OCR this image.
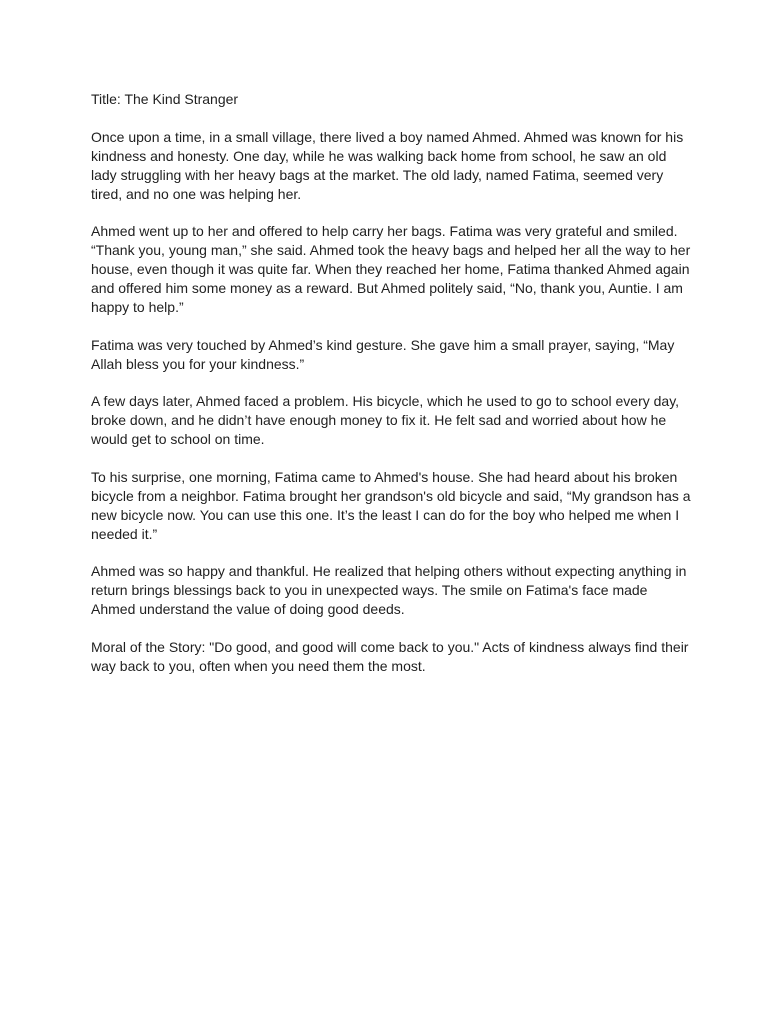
Title: The Kind Stranger

Once upon a time, in a small village, there lived a boy named Ahmed. Ahmed was known for his kindness and honesty. One day, while he was walking back home from school, he saw an old lady struggling with her heavy bags at the market. The old lady, named Fatima, seemed very tired, and no one was helping her.

Ahmed went up to her and offered to help carry her bags. Fatima was very grateful and smiled. “Thank you, young man,” she said. Ahmed took the heavy bags and helped her all the way to her house, even though it was quite far. When they reached her home, Fatima thanked Ahmed again and offered him some money as a reward. But Ahmed politely said, “No, thank you, Auntie. I am happy to help.”

Fatima was very touched by Ahmed’s kind gesture. She gave him a small prayer, saying, “May Allah bless you for your kindness.”

A few days later, Ahmed faced a problem. His bicycle, which he used to go to school every day, broke down, and he didn’t have enough money to fix it. He felt sad and worried about how he would get to school on time.

To his surprise, one morning, Fatima came to Ahmed's house. She had heard about his broken bicycle from a neighbor. Fatima brought her grandson's old bicycle and said, “My grandson has a new bicycle now. You can use this one. It’s the least I can do for the boy who helped me when I needed it.”

Ahmed was so happy and thankful. He realized that helping others without expecting anything in return brings blessings back to you in unexpected ways. The smile on Fatima's face made Ahmed understand the value of doing good deeds.

Moral of the Story: "Do good, and good will come back to you." Acts of kindness always find their way back to you, often when you need them the most.
